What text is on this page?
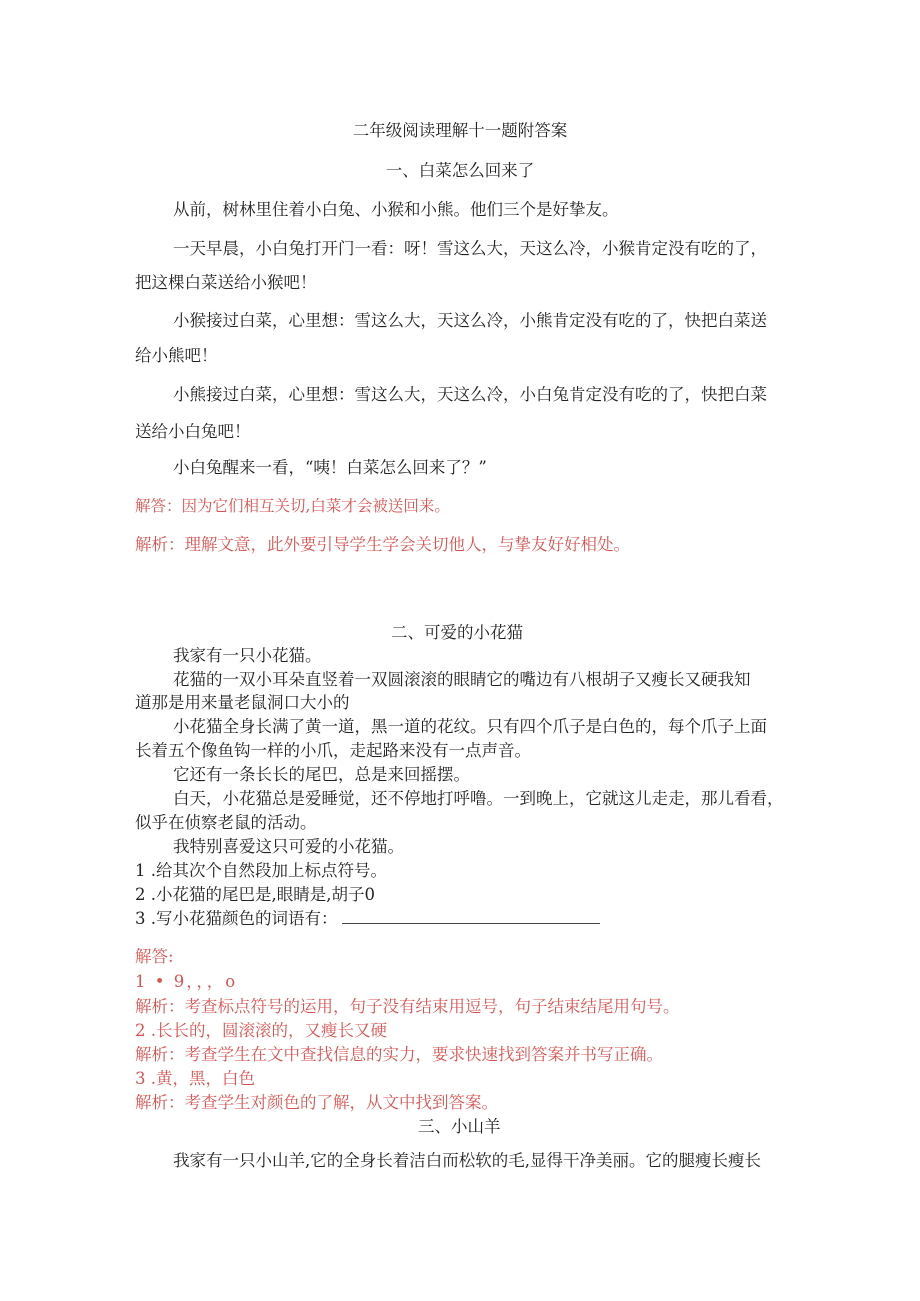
二年级阅读理解十一题附答案
一、白菜怎么回来了
从前，树林里住着小白兔、小猴和小熊。他们三个是好挚友。
一天早晨，小白兔打开门一看：呀！雪这么大，天这么冷，小猴肯定没有吃的了，
把这棵白菜送给小猴吧！
小猴接过白菜，心里想：雪这么大，天这么冷，小熊肯定没有吃的了，快把白菜送
给小熊吧！
小熊接过白菜，心里想：雪这么大，天这么冷，小白兔肯定没有吃的了，快把白菜
送给小白兔吧！
小白兔醒来一看，“咦！白菜怎么回来了？”
解答：因为它们相互关切,白菜才会被送回来。
解析：理解文意，此外要引导学生学会关切他人，与挚友好好相处。
二、可爱的小花猫
我家有一只小花猫。
花猫的一双小耳朵直竖着一双圆滚滚的眼睛它的嘴边有八根胡子又瘦长又硬我知
道那是用来量老鼠洞口大小的
小花猫全身长满了黄一道，黑一道的花纹。只有四个爪子是白色的，每个爪子上面
长着五个像鱼钩一样的小爪，走起路来没有一点声音。
它还有一条长长的尾巴，总是来回摇摆。
白天，小花猫总是爱睡觉，还不停地打呼噜。一到晚上，它就这儿走走，那儿看看，
似乎在侦察老鼠的活动。
我特别喜爱这只可爱的小花猫。
1 .给其次个自然段加上标点符号。
2 .小花猫的尾巴是,眼睛是,胡子0
3 .写小花猫颜色的词语有：
解答:
1 • 9，，，o
解析：考查标点符号的运用，句子没有结束用逗号，句子结束结尾用句号。
2 .长长的，圆滚滚的，又瘦长又硬
解析：考查学生在文中查找信息的实力，要求快速找到答案并书写正确。
3 .黄，黑，白色
解析：考查学生对颜色的了解，从文中找到答案。
三、小山羊
我家有一只小山羊,它的全身长着洁白而松软的毛,显得干净美丽。它的腿瘦长瘦长
